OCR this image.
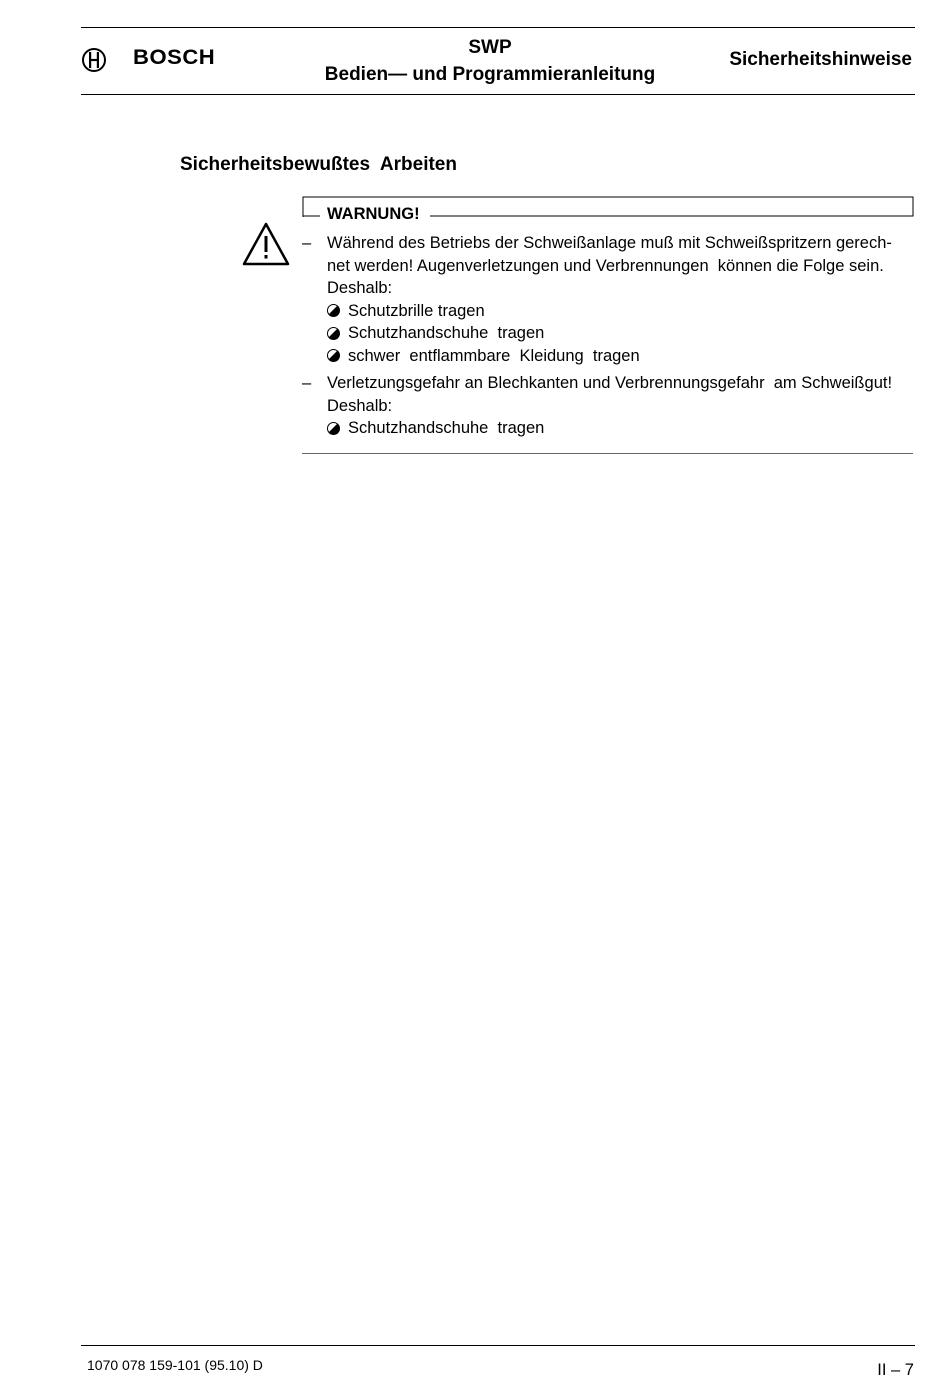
BOSCH	SWP
Bedien— und Programmieranleitung
Sicherheitshinweise
Sicherheitsbewußtes  Arbeiten
WARNUNG!
– Während des Betriebs der Schweißanlage muß mit Schweißspritzern gerech-
net werden! Augenverletzungen und Verbrennungen  können die Folge sein.
Deshalb:
Schutzbrille tragen
Schutzhandschuhe  tragen
schwer  entflammbare  Kleidung  tragen
– Verletzungsgefahr an Blechkanten und Verbrennungsgefahr  am Schweißgut!
Deshalb:
Schutzhandschuhe  tragen
1070 078 159-101 (95.10) D	II – 7
